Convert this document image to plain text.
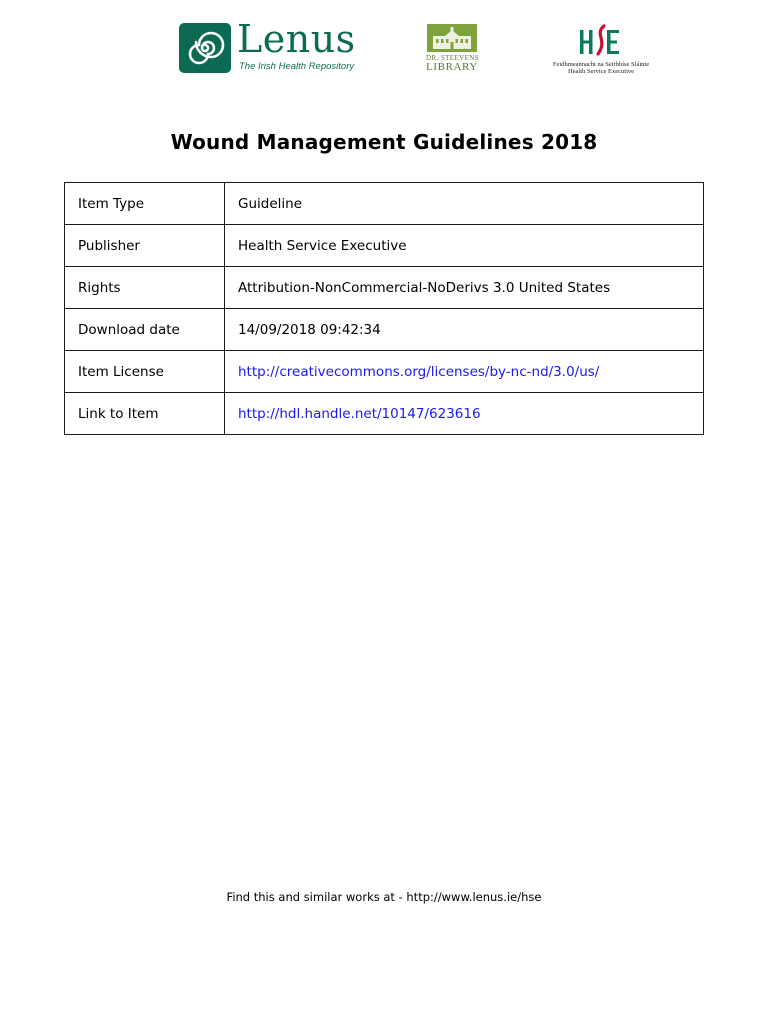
Lenus
The Irish Health Repository
DR. STEEVENS
LIBRARY	Feidhmeannacht na Seirbhíse Sláinte
Health Service Executive
Wound Management Guidelines 2018
Item Type	Guideline
Publisher	Health Service Executive
Rights	Attribution-NonCommercial-NoDerivs 3.0 United States
Download date	14/09/2018 09:42:34
Item License	http://creativecommons.org/licenses/by-nc-nd/3.0/us/
Link to Item	http://hdl.handle.net/10147/623616
Find this and similar works at - http://www.lenus.ie/hse
